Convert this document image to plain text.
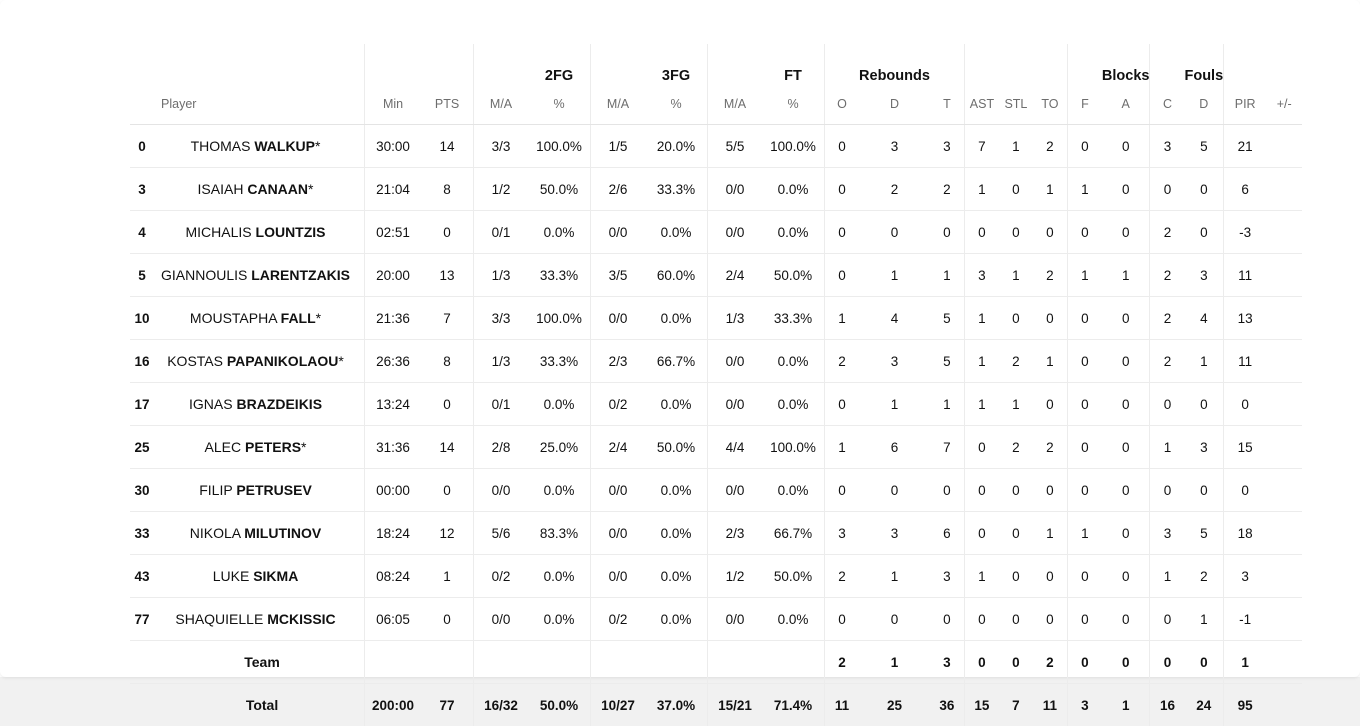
					2FG		3FG		FT		Rebounds						Blocks		Fouls		
	Player	Min	PTS	M/A	%	M/A	%	M/A	%	O	D	T	AST	STL	TO	F	A	C	D	PIR	+/-
0	THOMAS WALKUP*	30:00	14	3/3	100.0%	1/5	20.0%	5/5	100.0%	0	3	3	7	1	2	0	0	3	5	21	
3	ISAIAH CANAAN*	21:04	8	1/2	50.0%	2/6	33.3%	0/0	0.0%	0	2	2	1	0	1	1	0	0	0	6	
4	MICHALIS LOUNTZIS	02:51	0	0/1	0.0%	0/0	0.0%	0/0	0.0%	0	0	0	0	0	0	0	0	2	0	-3	
5	GIANNOULIS LARENTZAKIS	20:00	13	1/3	33.3%	3/5	60.0%	2/4	50.0%	0	1	1	3	1	2	1	1	2	3	11	
10	MOUSTAPHA FALL*	21:36	7	3/3	100.0%	0/0	0.0%	1/3	33.3%	1	4	5	1	0	0	0	0	2	4	13	
16	KOSTAS PAPANIKOLAOU*	26:36	8	1/3	33.3%	2/3	66.7%	0/0	0.0%	2	3	5	1	2	1	0	0	2	1	11	
17	IGNAS BRAZDEIKIS	13:24	0	0/1	0.0%	0/2	0.0%	0/0	0.0%	0	1	1	1	1	0	0	0	0	0	0	
25	ALEC PETERS*	31:36	14	2/8	25.0%	2/4	50.0%	4/4	100.0%	1	6	7	0	2	2	0	0	1	3	15	
30	FILIP PETRUSEV	00:00	0	0/0	0.0%	0/0	0.0%	0/0	0.0%	0	0	0	0	0	0	0	0	0	0	0	
33	NIKOLA MILUTINOV	18:24	12	5/6	83.3%	0/0	0.0%	2/3	66.7%	3	3	6	0	0	1	1	0	3	5	18	
43	LUKE SIKMA	08:24	1	0/2	0.0%	0/0	0.0%	1/2	50.0%	2	1	3	1	0	0	0	0	1	2	3	
77	SHAQUIELLE MCKISSIC	06:05	0	0/0	0.0%	0/2	0.0%	0/0	0.0%	0	0	0	0	0	0	0	0	0	1	-1	
	Team									2	1	3	0	0	2	0	0	0	0	1	
	Total	200:00	77	16/32	50.0%	10/27	37.0%	15/21	71.4%	11	25	36	15	7	11	3	1	16	24	95	
